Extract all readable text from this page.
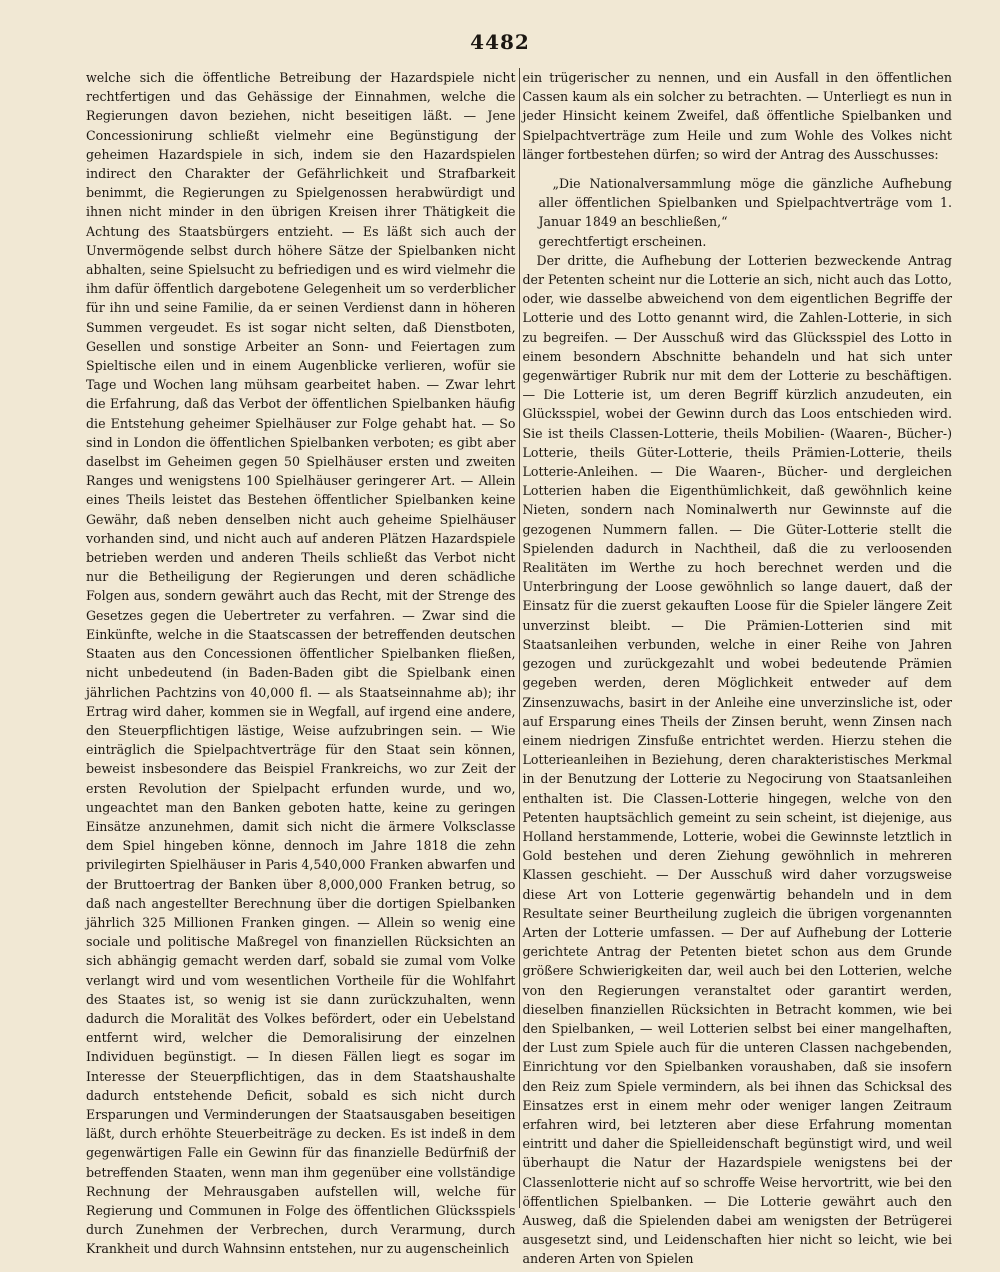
4482

welche sich die öffentliche Betreibung der Hazardspiele nicht rechtfertigen und das Gehässige der Einnahmen, welche die Regierungen davon beziehen, nicht beseitigen läßt. — Jene Concessionirung schließt vielmehr eine Begünstigung der geheimen Hazardspiele in sich, indem sie den Hazardspielen indirect den Charakter der Gefährlichkeit und Strafbarkeit benimmt, die Regierungen zu Spielgenossen herabwürdigt und ihnen nicht minder in den übrigen Kreisen ihrer Thätigkeit die Achtung des Staatsbürgers entzieht. — Es läßt sich auch der Unvermögende selbst durch höhere Sätze der Spielbanken nicht abhalten, seine Spielsucht zu befriedigen und es wird vielmehr die ihm dafür öffentlich dargebotene Gelegenheit um so verderblicher für ihn und seine Familie, da er seinen Verdienst dann in höheren Summen vergeudet. Es ist sogar nicht selten, daß Dienstboten, Gesellen und sonstige Arbeiter an Sonn- und Feiertagen zum Spieltische eilen und in einem Augenblicke verlieren, wofür sie Tage und Wochen lang mühsam gearbeitet haben. — Zwar lehrt die Erfahrung, daß das Verbot der öffentlichen Spielbanken häufig die Entstehung geheimer Spielhäuser zur Folge gehabt hat. — So sind in London die öffentlichen Spielbanken verboten; es gibt aber daselbst im Geheimen gegen 50 Spielhäuser ersten und zweiten Ranges und wenigstens 100 Spielhäuser geringerer Art. — Allein eines Theils leistet das Bestehen öffentlicher Spielbanken keine Gewähr, daß neben denselben nicht auch geheime Spielhäuser vorhanden sind, und nicht auch auf anderen Plätzen Hazardspiele betrieben werden und anderen Theils schließt das Verbot nicht nur die Betheiligung der Regierungen und deren schädliche Folgen aus, sondern gewährt auch das Recht, mit der Strenge des Gesetzes gegen die Uebertreter zu verfahren. — Zwar sind die Einkünfte, welche in die Staatscassen der betreffenden deutschen Staaten aus den Concessionen öffentlicher Spielbanken fließen, nicht unbedeutend (in Baden-Baden gibt die Spielbank einen jährlichen Pachtzins von 40,000 fl. — als Staatseinnahme ab); ihr Ertrag wird daher, kommen sie in Wegfall, auf irgend eine andere, den Steuerpflichtigen lästige, Weise aufzubringen sein. — Wie einträglich die Spielpachtverträge für den Staat sein können, beweist insbesondere das Beispiel Frankreichs, wo zur Zeit der ersten Revolution der Spielpacht erfunden wurde, und wo, ungeachtet man den Banken geboten hatte, keine zu geringen Einsätze anzunehmen, damit sich nicht die ärmere Volksclasse dem Spiel hingeben könne, dennoch im Jahre 1818 die zehn privilegirten Spielhäuser in Paris 4,540,000 Franken abwarfen und der Bruttoertrag der Banken über 8,000,000 Franken betrug, so daß nach angestellter Berechnung über die dortigen Spielbanken jährlich 325 Millionen Franken gingen. — Allein so wenig eine sociale und politische Maßregel von finanziellen Rücksichten an sich abhängig gemacht werden darf, sobald sie zumal vom Volke verlangt wird und vom wesentlichen Vortheile für die Wohlfahrt des Staates ist, so wenig ist sie dann zurückzuhalten, wenn dadurch die Moralität des Volkes befördert, oder ein Uebelstand entfernt wird, welcher die Demoralisirung der einzelnen Individuen begünstigt. — In diesen Fällen liegt es sogar im Interesse der Steuerpflichtigen, das in dem Staatshaushalte dadurch entstehende Deficit, sobald es sich nicht durch Ersparungen und Verminderungen der Staatsausgaben beseitigen läßt, durch erhöhte Steuerbeiträge zu decken. Es ist indeß in dem gegenwärtigen Falle ein Gewinn für das finanzielle Bedürfniß der betreffenden Staaten, wenn man ihm gegenüber eine vollständige Rechnung der Mehrausgaben aufstellen will, welche für Regierung und Communen in Folge des öffentlichen Glücksspiels durch Zunehmen der Verbrechen, durch Verarmung, durch Krankheit und durch Wahnsinn entstehen, nur zu augenscheinlich

ein trügerischer zu nennen, und ein Ausfall in den öffentlichen Cassen kaum als ein solcher zu betrachten. — Unterliegt es nun in jeder Hinsicht keinem Zweifel, daß öffentliche Spielbanken und Spielpachtverträge zum Heile und zum Wohle des Volkes nicht länger fortbestehen dürfen; so wird der Antrag des Ausschusses:

„Die Nationalversammlung möge die gänzliche Aufhebung aller öffentlichen Spielbanken und Spielpachtverträge vom 1. Januar 1849 an beschließen,“

gerechtfertigt erscheinen.

Der dritte, die Aufhebung der Lotterien bezweckende Antrag der Petenten scheint nur die Lotterie an sich, nicht auch das Lotto, oder, wie dasselbe abweichend von dem eigentlichen Begriffe der Lotterie und des Lotto genannt wird, die Zahlen-Lotterie, in sich zu begreifen. — Der Ausschuß wird das Glücksspiel des Lotto in einem besondern Abschnitte behandeln und hat sich unter gegenwärtiger Rubrik nur mit dem der Lotterie zu beschäftigen. — Die Lotterie ist, um deren Begriff kürzlich anzudeuten, ein Glücksspiel, wobei der Gewinn durch das Loos entschieden wird. Sie ist theils Classen-Lotterie, theils Mobilien- (Waaren-, Bücher-) Lotterie, theils Güter-Lotterie, theils Prämien-Lotterie, theils Lotterie-Anleihen. — Die Waaren-, Bücher- und dergleichen Lotterien haben die Eigenthümlichkeit, daß gewöhnlich keine Nieten, sondern nach Nominalwerth nur Gewinnste auf die gezogenen Nummern fallen. — Die Güter-Lotterie stellt die Spielenden dadurch in Nachtheil, daß die zu verloosenden Realitäten im Werthe zu hoch berechnet werden und die Unterbringung der Loose gewöhnlich so lange dauert, daß der Einsatz für die zuerst gekauften Loose für die Spieler längere Zeit unverzinst bleibt. — Die Prämien-Lotterien sind mit Staatsanleihen verbunden, welche in einer Reihe von Jahren gezogen und zurückgezahlt und wobei bedeutende Prämien gegeben werden, deren Möglichkeit entweder auf dem Zinsenzuwachs, basirt in der Anleihe eine unverzinsliche ist, oder auf Ersparung eines Theils der Zinsen beruht, wenn Zinsen nach einem niedrigen Zinsfuße entrichtet werden. Hierzu stehen die Lotterieanleihen in Beziehung, deren charakteristisches Merkmal in der Benutzung der Lotterie zu Negocirung von Staatsanleihen enthalten ist. Die Classen-Lotterie hingegen, welche von den Petenten hauptsächlich gemeint zu sein scheint, ist diejenige, aus Holland herstammende, Lotterie, wobei die Gewinnste letztlich in Gold bestehen und deren Ziehung gewöhnlich in mehreren Klassen geschieht. — Der Ausschuß wird daher vorzugsweise diese Art von Lotterie gegenwärtig behandeln und in dem Resultate seiner Beurtheilung zugleich die übrigen vorgenannten Arten der Lotterie umfassen. — Der auf Aufhebung der Lotterie gerichtete Antrag der Petenten bietet schon aus dem Grunde größere Schwierigkeiten dar, weil auch bei den Lotterien, welche von den Regierungen veranstaltet oder garantirt werden, dieselben finanziellen Rücksichten in Betracht kommen, wie bei den Spielbanken, — weil Lotterien selbst bei einer mangelhaften, der Lust zum Spiele auch für die unteren Classen nachgebenden, Einrichtung vor den Spielbanken voraushaben, daß sie insofern den Reiz zum Spiele vermindern, als bei ihnen das Schicksal des Einsatzes erst in einem mehr oder weniger langen Zeitraum erfahren wird, bei letzteren aber diese Erfahrung momentan eintritt und daher die Spielleidenschaft begünstigt wird, und weil überhaupt die Natur der Hazardspiele wenigstens bei der Classenlotterie nicht auf so schroffe Weise hervortritt, wie bei den öffentlichen Spielbanken. — Die Lotterie gewährt auch den Ausweg, daß die Spielenden dabei am wenigsten der Betrügerei ausgesetzt sind, und Leidenschaften hier nicht so leicht, wie bei anderen Arten von Spielen
